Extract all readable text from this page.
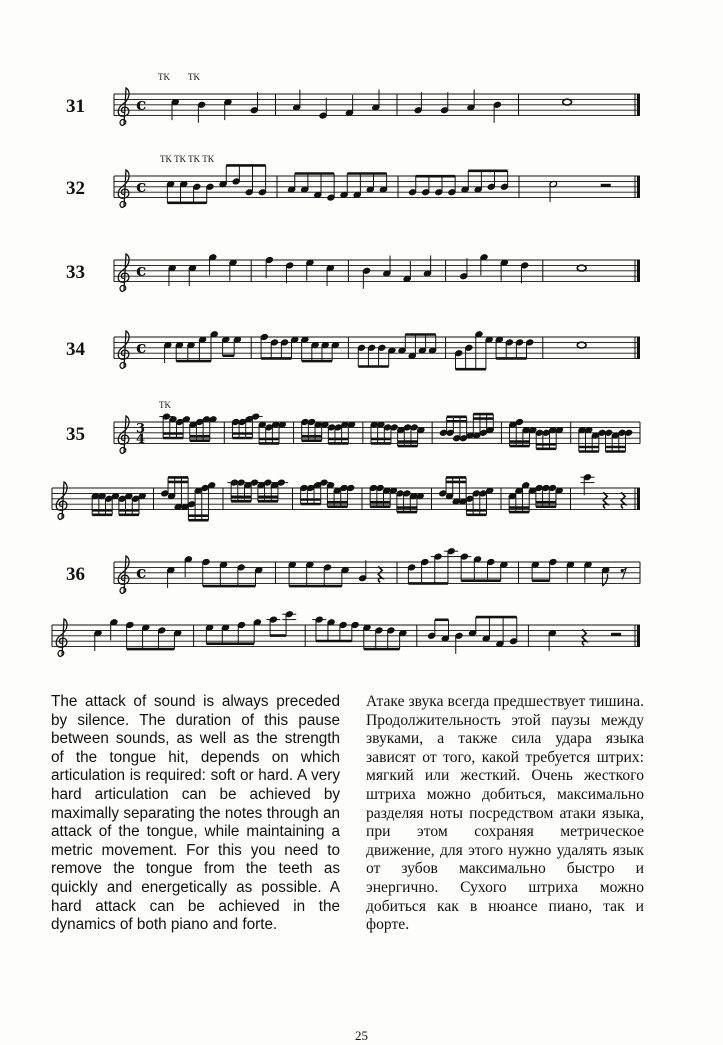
31	c
TK TK
32	c
TK TK TK TK
33	c
34	c
35	3
4
TK
36	c

The attack of sound is always preceded by silence. The duration of this pause between sounds, as well as the strength of the tongue hit, depends on which articulation is required: soft or hard. A very hard articulation can be achieved by maximally separating the notes through an attack of the tongue, while maintaining a metric movement. For this you need to remove the tongue from the teeth as quickly and energetically as possible. A hard attack can be achieved in the dynamics of both piano and forte.

Атаке звука всегда предшествует тишина. Продолжительность этой паузы между звуками, а также сила удара языка зависят от того, какой требуется штрих: мягкий или жесткий. Очень жесткого штриха можно добиться, максимально разделяя ноты посредством атаки языка, при этом сохраняя метрическое движение, для этого нужно удалять язык от зубов максимально быстро и энергично. Сухого штриха можно добиться как в нюансе пиано, так и форте.

25
